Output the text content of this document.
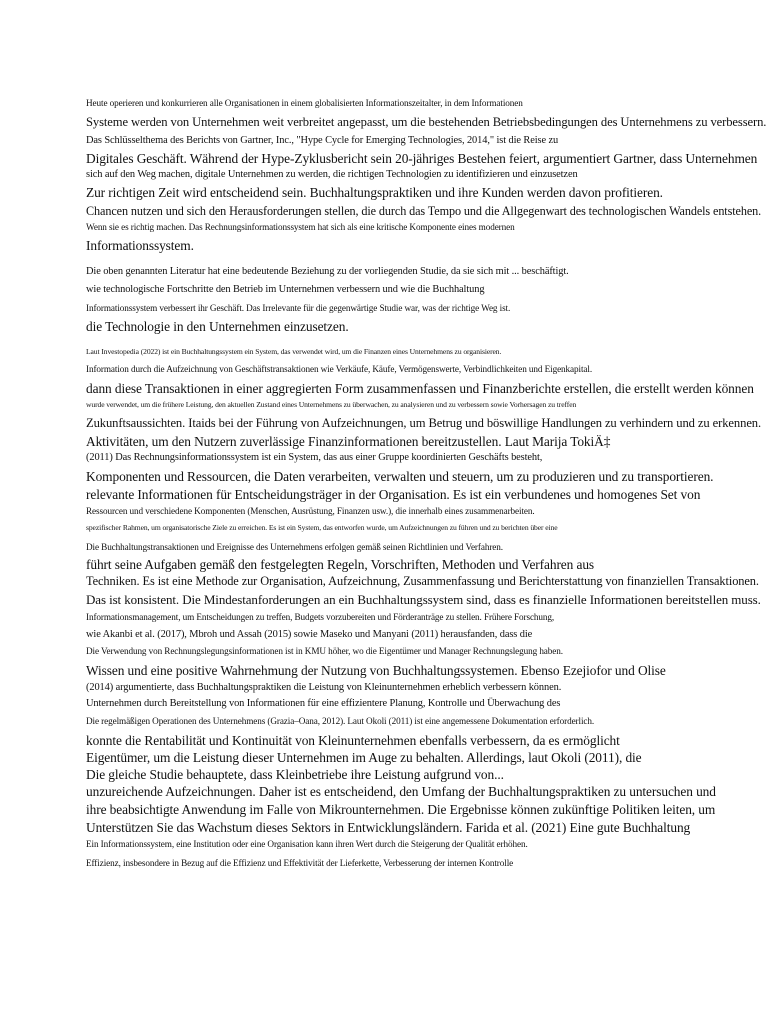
Heute operieren und konkurrieren alle Organisationen in einem globalisierten Informationszeitalter, in dem Informationen
Systeme werden von Unternehmen weit verbreitet angepasst, um die bestehenden Betriebsbedingungen des Unternehmens zu verbessern.
Das Schlüsselthema des Berichts von Gartner, Inc., "Hype Cycle for Emerging Technologies, 2014," ist die Reise zu
Digitales Geschäft. Während der Hype-Zyklusbericht sein 20-jähriges Bestehen feiert, argumentiert Gartner, dass Unternehmen
sich auf den Weg machen, digitale Unternehmen zu werden, die richtigen Technologien zu identifizieren und einzusetzen
Zur richtigen Zeit wird entscheidend sein. Buchhaltungspraktiken und ihre Kunden werden davon profitieren.
Chancen nutzen und sich den Herausforderungen stellen, die durch das Tempo und die Allgegenwart des technologischen Wandels entstehen.
Wenn sie es richtig machen. Das Rechnungsinformationssystem hat sich als eine kritische Komponente eines modernen
Informationssystem.
Die oben genannten Literatur hat eine bedeutende Beziehung zu der vorliegenden Studie, da sie sich mit ... beschäftigt.
wie technologische Fortschritte den Betrieb im Unternehmen verbessern und wie die Buchhaltung
Informationssystem verbessert ihr Geschäft. Das Irrelevante für die gegenwärtige Studie war, was der richtige Weg ist.
die Technologie in den Unternehmen einzusetzen.
Laut Investopedia (2022) ist ein Buchhaltungssystem ein System, das verwendet wird, um die Finanzen eines Unternehmens zu organisieren.
Information durch die Aufzeichnung von Geschäftstransaktionen wie Verkäufe, Käufe, Vermögenswerte, Verbindlichkeiten und Eigenkapital.
dann diese Transaktionen in einer aggregierten Form zusammenfassen und Finanzberichte erstellen, die erstellt werden können
wurde verwendet, um die frühere Leistung, den aktuellen Zustand eines Unternehmens zu überwachen, zu analysieren und zu verbessern sowie Vorhersagen zu treffen
Zukunftsaussichten. Itaids bei der Führung von Aufzeichnungen, um Betrug und böswillige Handlungen zu verhindern und zu erkennen.
Aktivitäten, um den Nutzern zuverlässige Finanzinformationen bereitzustellen. Laut Marija TokiÄ‡
(2011) Das Rechnungsinformationssystem ist ein System, das aus einer Gruppe koordinierten Geschäfts besteht,
Komponenten und Ressourcen, die Daten verarbeiten, verwalten und steuern, um zu produzieren und zu transportieren.
relevante Informationen für Entscheidungsträger in der Organisation. Es ist ein verbundenes und homogenes Set von
Ressourcen und verschiedene Komponenten (Menschen, Ausrüstung, Finanzen usw.), die innerhalb eines zusammenarbeiten.
spezifischer Rahmen, um organisatorische Ziele zu erreichen. Es ist ein System, das entworfen wurde, um Aufzeichnungen zu führen und zu berichten über eine
Die Buchhaltungstransaktionen und Ereignisse des Unternehmens erfolgen gemäß seinen Richtlinien und Verfahren.
führt seine Aufgaben gemäß den festgelegten Regeln, Vorschriften, Methoden und Verfahren aus
Techniken. Es ist eine Methode zur Organisation, Aufzeichnung, Zusammenfassung und Berichterstattung von finanziellen Transaktionen.
Das ist konsistent. Die Mindestanforderungen an ein Buchhaltungssystem sind, dass es finanzielle Informationen bereitstellen muss.
Informationsmanagement, um Entscheidungen zu treffen, Budgets vorzubereiten und Förderanträge zu stellen. Frühere Forschung,
wie Akanbi et al. (2017), Mbroh und Assah (2015) sowie Maseko und Manyani (2011) herausfanden, dass die
Die Verwendung von Rechnungslegungsinformationen ist in KMU höher, wo die Eigentümer und Manager Rechnungslegung haben.
Wissen und eine positive Wahrnehmung der Nutzung von Buchhaltungssystemen. Ebenso Ezejiofor und Olise
(2014) argumentierte, dass Buchhaltungspraktiken die Leistung von Kleinunternehmen erheblich verbessern können.
Unternehmen durch Bereitstellung von Informationen für eine effizientere Planung, Kontrolle und Überwachung des
Die regelmäßigen Operationen des Unternehmens (Grazia–Oana, 2012). Laut Okoli (2011) ist eine angemessene Dokumentation erforderlich.
konnte die Rentabilität und Kontinuität von Kleinunternehmen ebenfalls verbessern, da es ermöglicht
Eigentümer, um die Leistung dieser Unternehmen im Auge zu behalten. Allerdings, laut Okoli (2011), die
Die gleiche Studie behauptete, dass Kleinbetriebe ihre Leistung aufgrund von...
unzureichende Aufzeichnungen. Daher ist es entscheidend, den Umfang der Buchhaltungspraktiken zu untersuchen und
ihre beabsichtigte Anwendung im Falle von Mikrounternehmen. Die Ergebnisse können zukünftige Politiken leiten, um
Unterstützen Sie das Wachstum dieses Sektors in Entwicklungsländern. Farida et al. (2021) Eine gute Buchhaltung
Ein Informationssystem, eine Institution oder eine Organisation kann ihren Wert durch die Steigerung der Qualität erhöhen.
Effizienz, insbesondere in Bezug auf die Effizienz und Effektivität der Lieferkette, Verbesserung der internen Kontrolle
